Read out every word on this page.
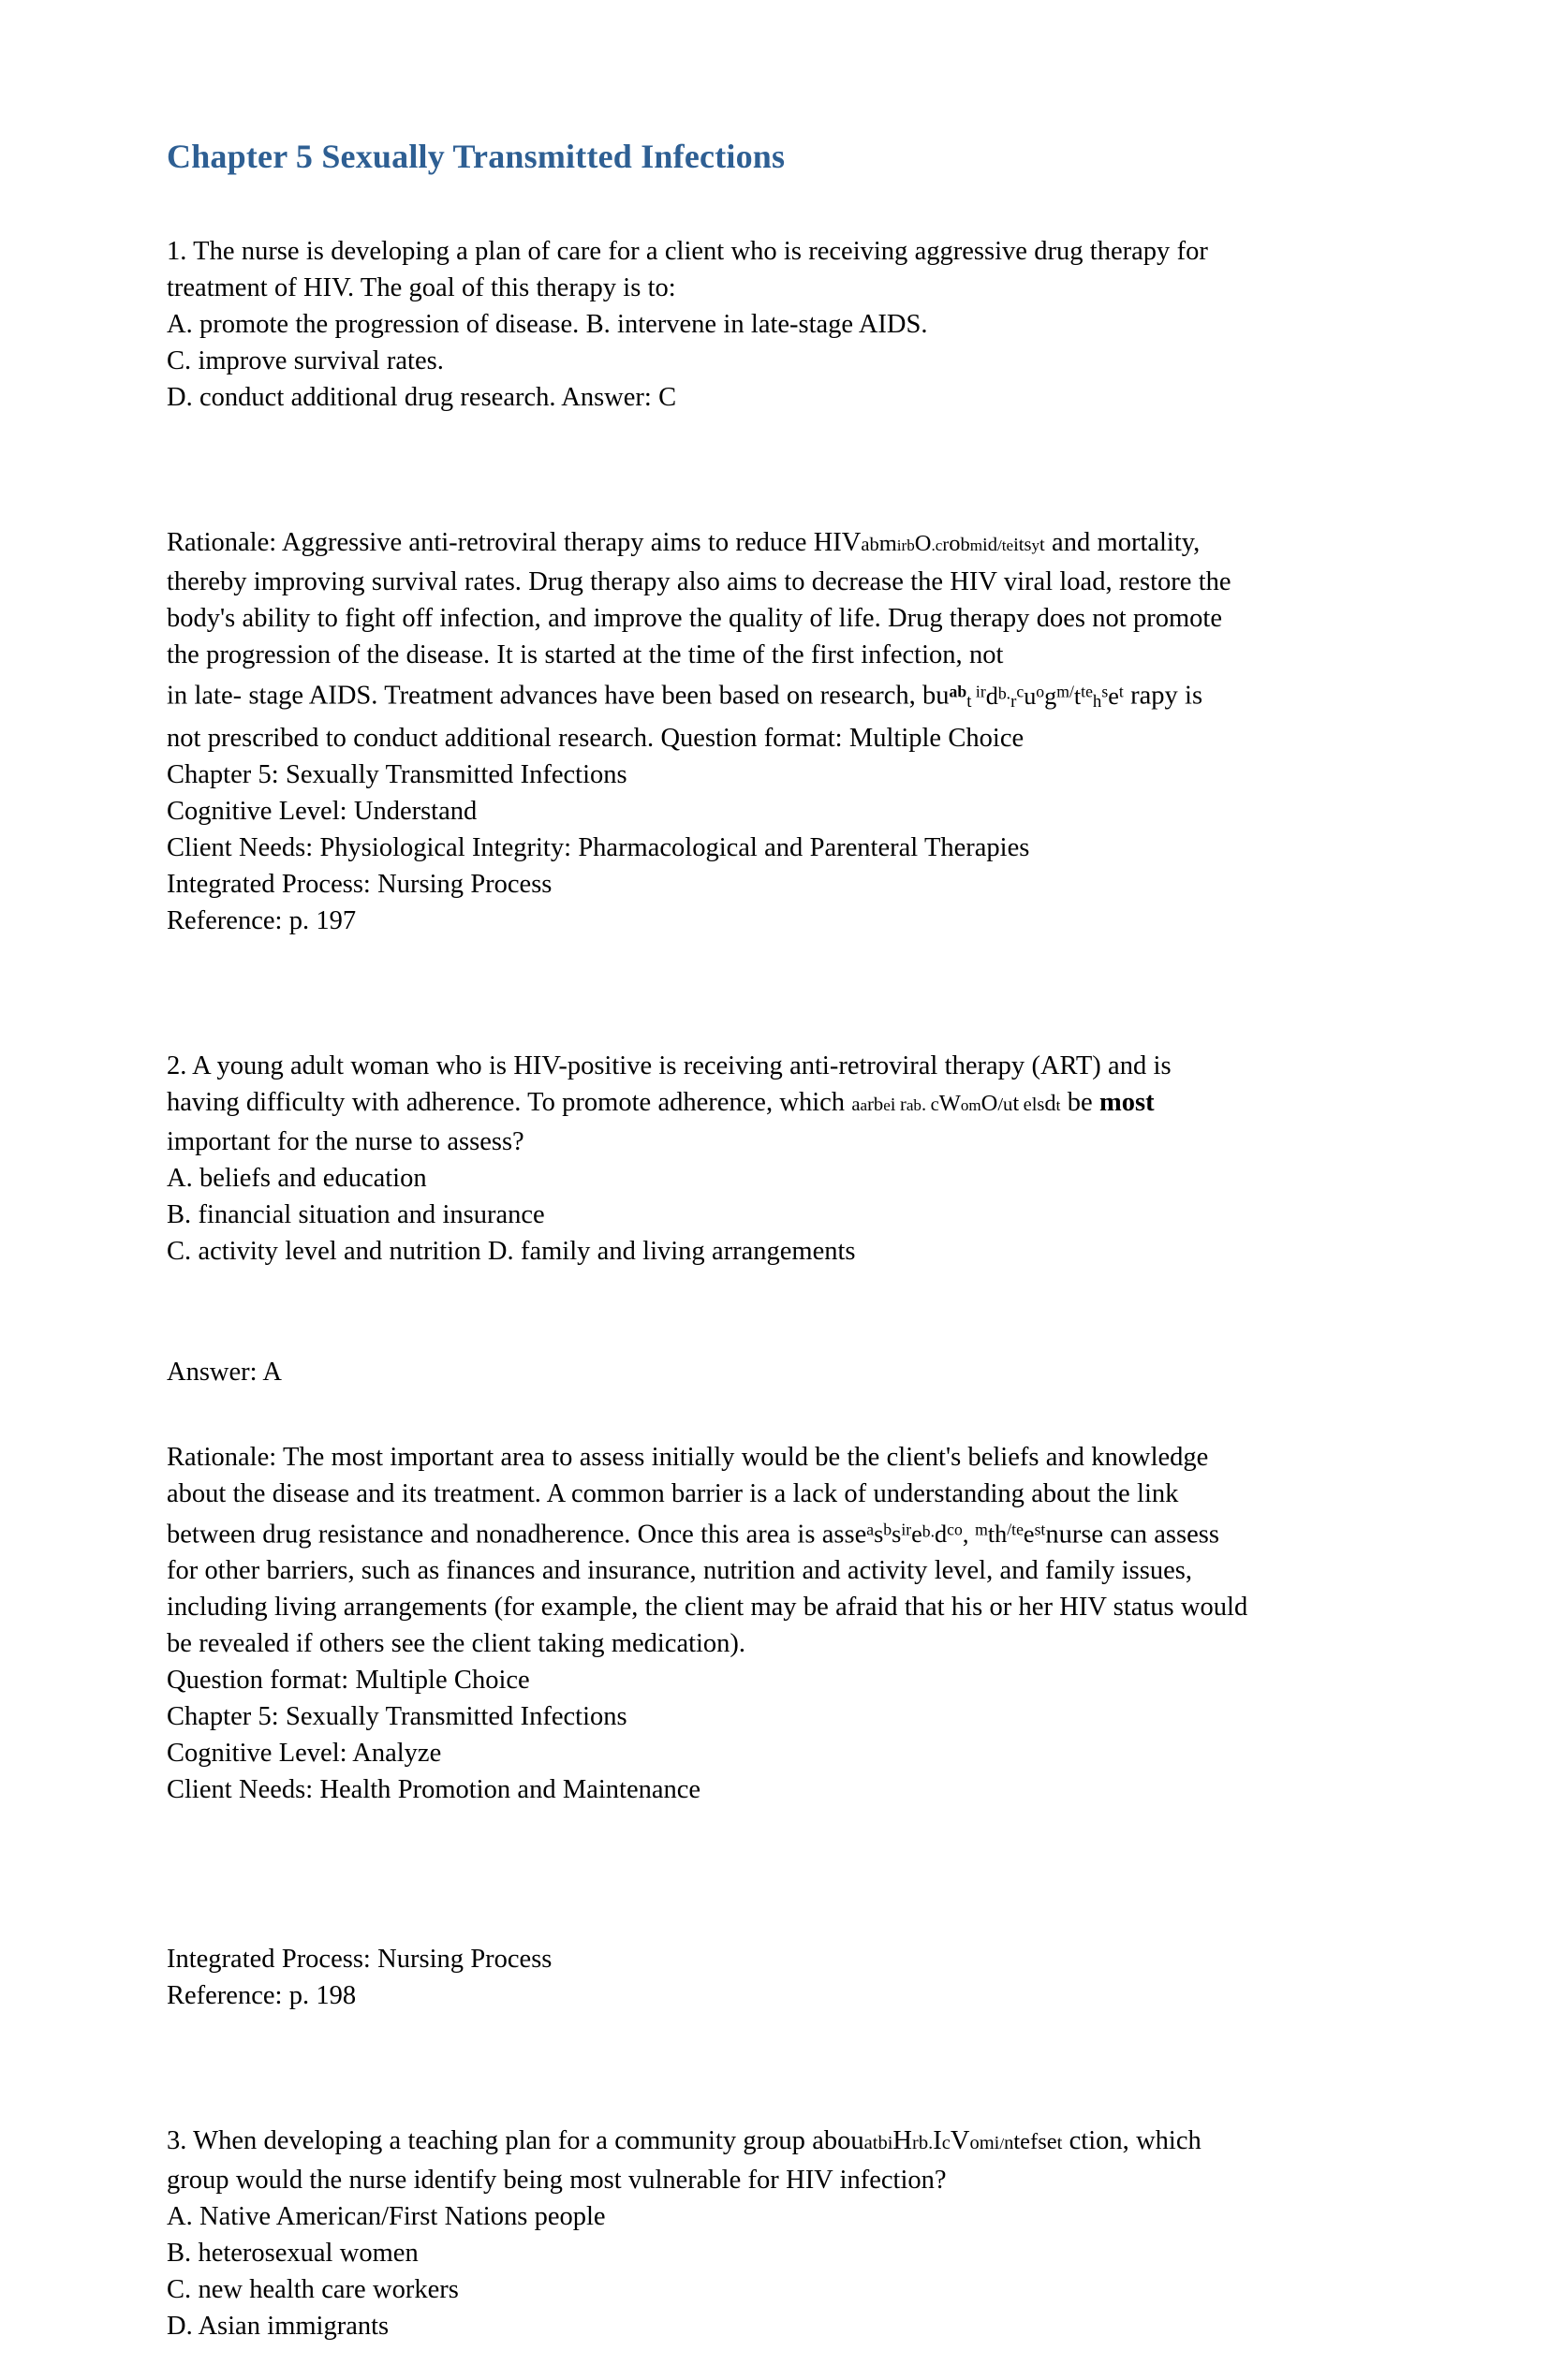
Chapter 5 Sexually Transmitted Infections

1. The nurse is developing a plan of care for a client who is receiving aggressive drug therapy for

treatment of HIV. The goal of this therapy is to:

A. promote the progression of disease. B. intervene in late-stage AIDS.

C. improve survival rates.

D. conduct additional drug research. Answer: C

Rationale: Aggressive anti-retroviral therapy aims to reduce HIVabmirbO.crobmid/teitsyt and mortality,

thereby improving survival rates. Drug therapy also aims to decrease the HIV viral load, restore the

body's ability to fight off infection, and improve the quality of life. Drug therapy does not promote

the progression of the disease. It is started at the time of the first infection, not

in late- stage AIDS. Treatment advances have been based on research, $bu^{ab}t$ $^{ir}db.r^cu^og^{m/}t^{te}h^se^t$ rapy is

not prescribed to conduct additional research. Question format: Multiple Choice

Chapter 5: Sexually Transmitted Infections

Cognitive Level: Understand

Client Needs: Physiological Integrity: Pharmacological and Parenteral Therapies

Integrated Process: Nursing Process

Reference: p. 197

2. A young adult woman who is HIV-positive is receiving anti-retroviral therapy (ART) and is

having difficulty with adherence. To promote adherence, which aarbei rab. cWomO/ut elsdt be most

important for the nurse to assess?

A. beliefs and education

B. financial situation and insurance

C. activity level and nutrition D. family and living arrangements

Answer: A

Rationale: The most important area to assess initially would be the client's beliefs and knowledge

about the disease and its treatment. A common barrier is a lack of understanding about the link

between drug resistance and nonadherence. Once this area is $asse^as^bs^{ir}eb.d^{co}$, $^mth^{/te}e^{st}nurse$ can assess

for other barriers, such as finances and insurance, nutrition and activity level, and family issues,

including living arrangements (for example, the client may be afraid that his or her HIV status would

be revealed if others see the client taking medication).

Question format: Multiple Choice

Chapter 5: Sexually Transmitted Infections

Cognitive Level: Analyze

Client Needs: Health Promotion and Maintenance

Integrated Process: Nursing Process

Reference: p. 198

3. When developing a teaching plan for a community group abouatbiHrb.IcVomi/ntefset ction, which

group would the nurse identify being most vulnerable for HIV infection?

A. Native American/First Nations people

B. heterosexual women

C. new health care workers

D. Asian immigrants
